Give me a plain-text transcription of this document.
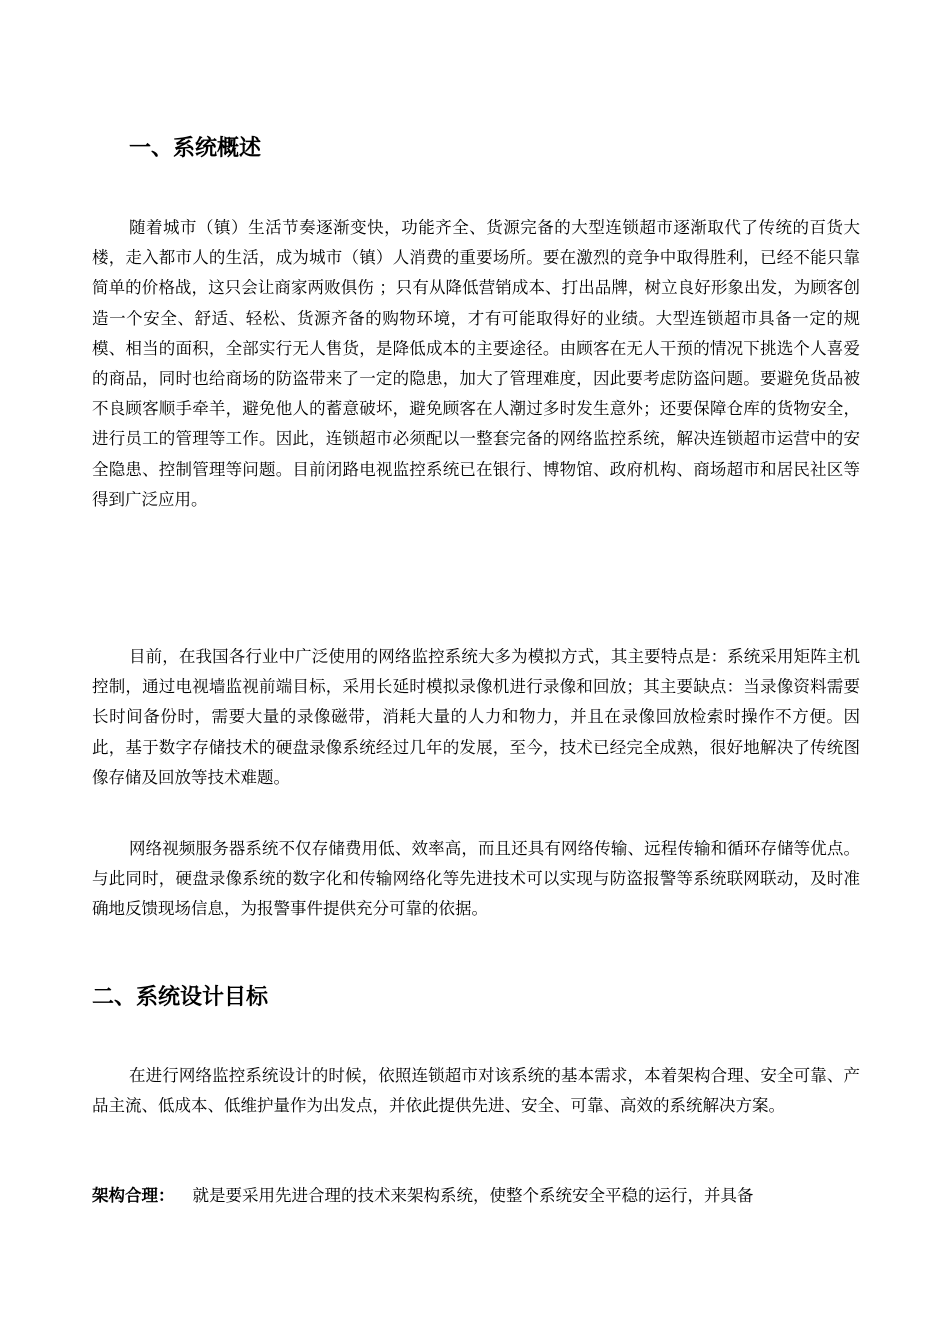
一、系统概述

随着城市（镇）生活节奏逐渐变快，功能齐全、货源完备的大型连锁超市逐渐取代了传统的百货大楼，走入都市人的生活，成为城市（镇）人消费的重要场所。要在激烈的竞争中取得胜利，已经不能只靠简单的价格战，这只会让商家两败俱伤 ；只有从降低营销成本、打出品牌，树立良好形象出发，为顾客创造一个安全、舒适、轻松、货源齐备的购物环境，才有可能取得好的业绩。大型连锁超市具备一定的规模、相当的面积，全部实行无人售货，是降低成本的主要途径。由顾客在无人干预的情况下挑选个人喜爱的商品，同时也给商场的防盗带来了一定的隐患，加大了管理难度，因此要考虑防盗问题。要避免货品被不良顾客顺手牵羊，避免他人的蓄意破坏，避免顾客在人潮过多时发生意外；还要保障仓库的货物安全，进行员工的管理等工作。因此，连锁超市必须配以一整套完备的网络监控系统，解决连锁超市运营中的安全隐患、控制管理等问题。目前闭路电视监控系统已在银行、博物馆、政府机构、商场超市和居民社区等得到广泛应用。

目前，在我国各行业中广泛使用的网络监控系统大多为模拟方式，其主要特点是：系统采用矩阵主机控制，通过电视墙监视前端目标，采用长延时模拟录像机进行录像和回放；其主要缺点：当录像资料需要长时间备份时，需要大量的录像磁带，消耗大量的人力和物力，并且在录像回放检索时操作不方便。因此，基于数字存储技术的硬盘录像系统经过几年的发展，至今，技术已经完全成熟，很好地解决了传统图像存储及回放等技术难题。

网络视频服务器系统不仅存储费用低、效率高，而且还具有网络传输、远程传输和循环存储等优点。与此同时，硬盘录像系统的数字化和传输网络化等先进技术可以实现与防盗报警等系统联网联动，及时准确地反馈现场信息，为报警事件提供充分可靠的依据。

二、系统设计目标

在进行网络监控系统设计的时候，依照连锁超市对该系统的基本需求，本着架构合理、安全可靠、产品主流、低成本、低维护量作为出发点，并依此提供先进、安全、可靠、高效的系统解决方案。

架构合理： 就是要采用先进合理的技术来架构系统，使整个系统安全平稳的运行，并具备
